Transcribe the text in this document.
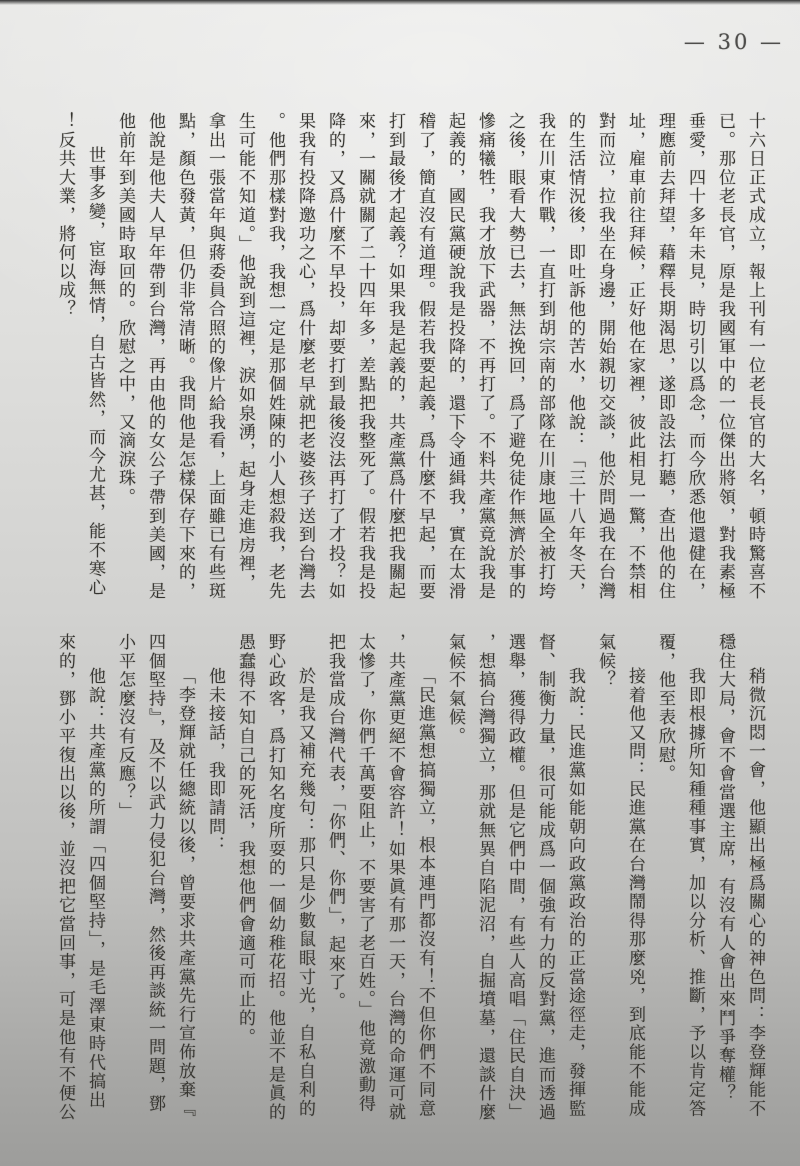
— 30 —

十六日正式成立，報上刊有一位老長官的大名，頓時驚喜不已。那位老長官，原是我國軍中的一位傑出將領，對我素極垂愛，四十多年未見，時切引以爲念，而今欣悉他還健在，理應前去拜望，藉釋長期渴思，遂即設法打聽，查出他的住址，雇車前往拜候，正好他在家裡，彼此相見一驚，不禁相對而泣，拉我坐在身邊，開始親切交談，他於問過我在台灣的生活情況後，即吐訴他的苦水，他說：「三十八年冬天，我在川東作戰，一直打到胡宗南的部隊在川康地區全被打垮之後，眼看大勢已去，無法挽回，爲了避免徒作無濟於事的慘痛犧牲，我才放下武器，不再打了。不料共產黨竟說我是起義的，國民黨硬說我是投降的，還下令通緝我，實在太滑稽了，簡直沒有道理。假若我要起義，爲什麼不早起，而要打到最後才起義？如果我是起義的，共產黨爲什麼把我關起來，一關就關了二十四年多，差點把我整死了。假若我是投降的，又爲什麼不早投，却要打到最後沒法再打了才投？如果我有投降邀功之心，爲什麼老早就把老婆孩子送到台灣去。他們那樣對我，我想一定是那個姓陳的小人想殺我，老先生可能不知道。」他說到這裡，淚如泉湧，起身走進房裡，拿出一張當年與蔣委員合照的像片給我看，上面雖已有些斑點，顏色發黃，但仍非常清晰。我問他是怎樣保存下來的，他說是他夫人早年帶到台灣，再由他的女公子帶到美國，是他前年到美國時取回的。欣慰之中，又滴淚珠。

世事多變，宦海無情，自古皆然，而今尤甚，能不寒心！反共大業，將何以成？

稍微沉悶一會，他顯出極爲關心的神色問：李登輝能不穩住大局，會不會當選主席，有沒有人會出來鬥爭奪權？

我即根據所知種種事實，加以分析、推斷，予以肯定答覆，他至表欣慰。

接着他又問：民進黨在台灣鬧得那麼兇，到底能不能成氣候？

我說：民進黨如能朝向政黨政治的正當途徑走，發揮監督、制衡力量，很可能成爲一個強有力的反對黨，進而透過選舉，獲得政權。但是它們中間，有些人高唱「住民自決」，想搞台灣獨立，那就無異自陷泥沼，自掘墳墓，還談什麼氣候不氣候。

「民進黨想搞獨立，根本連門都沒有！不但你們不同意，共產黨更絕不會容許！如果眞有那一天，台灣的命運可就太慘了，你們千萬要阻止，不要害了老百姓。」他竟激動得把我當成台灣代表，「你們、你們」，起來了。

於是我又補充幾句：那只是少數鼠眼寸光，自私自利的野心政客，爲打知名度所耍的一個幼稚花招。他並不是眞的愚蠢得不知自己的死活，我想他們會適可而止的。

他未接話，我即請問：

「李登輝就任總統以後，曾要求共產黨先行宣佈放棄『四個堅持』，及不以武力侵犯台灣，然後再談統一問題，鄧小平怎麼沒有反應？」

他說：共產黨的所謂「四個堅持」，是毛澤東時代搞出來的，鄧小平復出以後，並沒把它當回事，可是他有不便公
